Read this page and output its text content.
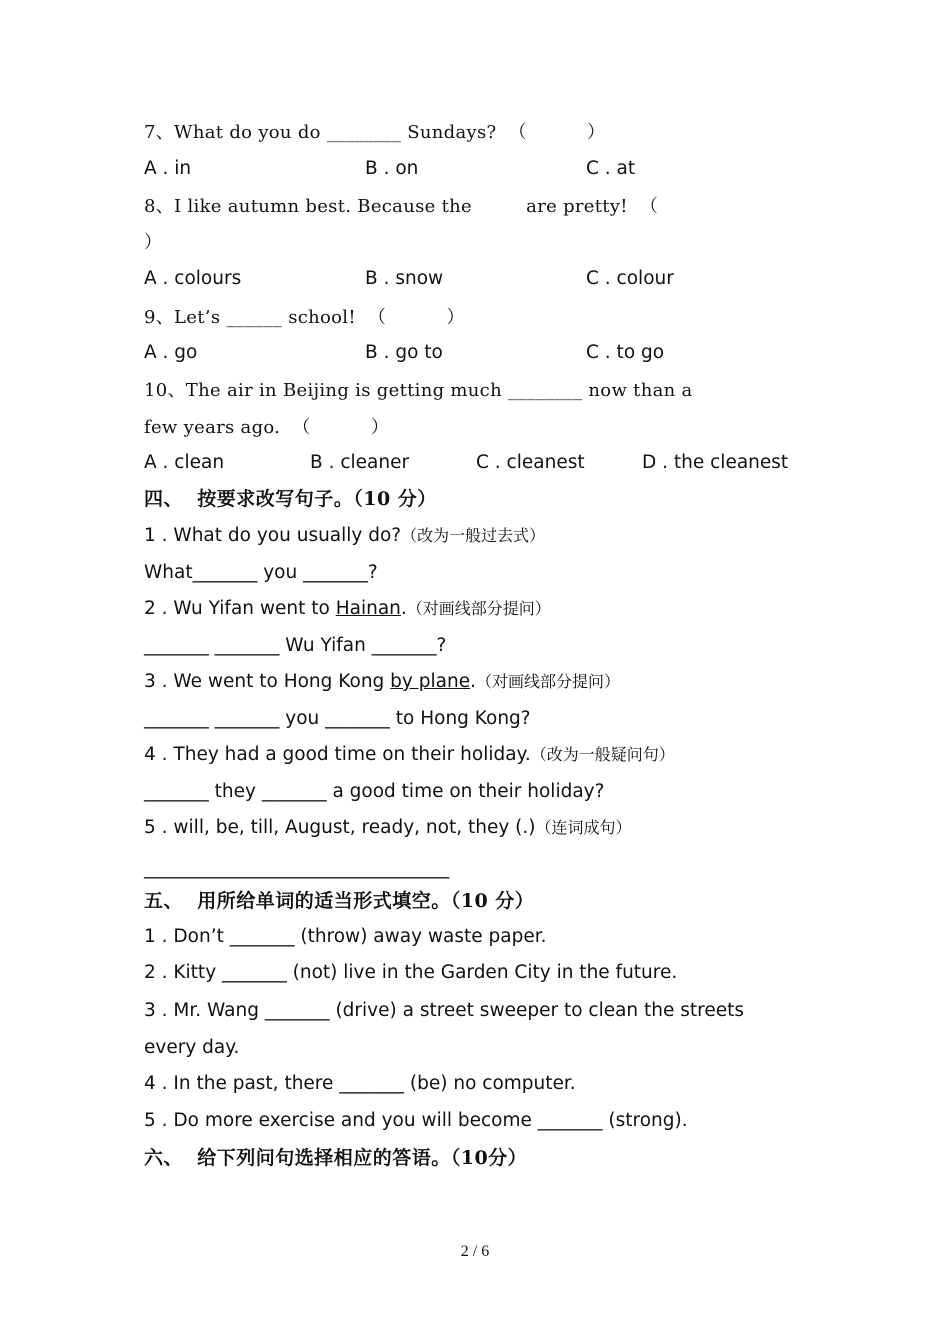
7、What do you do ________ Sundays?  （          ）
A . in	B . on	C . at
8、I like autumn best. Because the         are pretty!  （
）
A . colours	B . snow	C . colour
9、Let’s ______ school!  （          ）
A . go	B . go to	C . to go
10、The air in Beijing is getting much ________ now than a
few years ago.  （          ）
A . clean	B . cleaner	C . cleanest	D . the cleanest
四、  按要求改写句子。（10 分）
1 . What do you usually do?（改为一般过去式）
What_______ you _______?
2 . Wu Yifan went to Hainan.（对画线部分提问）
_______ _______ Wu Yifan _______?
3 . We went to Hong Kong by plane.（对画线部分提问）
_______ _______ you _______ to Hong Kong?
4 . They had a good time on their holiday.（改为一般疑问句）
_______ they _______ a good time on their holiday?
5 . will, be, till, August, ready, not, they (.)（连词成句）
_________________________________
五、  用所给单词的适当形式填空。（10 分）
1 . Don’t _______ (throw) away waste paper.
2 . Kitty _______ (not) live in the Garden City in the future.
3 . Mr. Wang _______ (drive) a street sweeper to clean the streets
every day.
4 . In the past, there _______ (be) no computer.
5 . Do more exercise and you will become _______ (strong).
六、  给下列问句选择相应的答语。（10分）
2 / 6
